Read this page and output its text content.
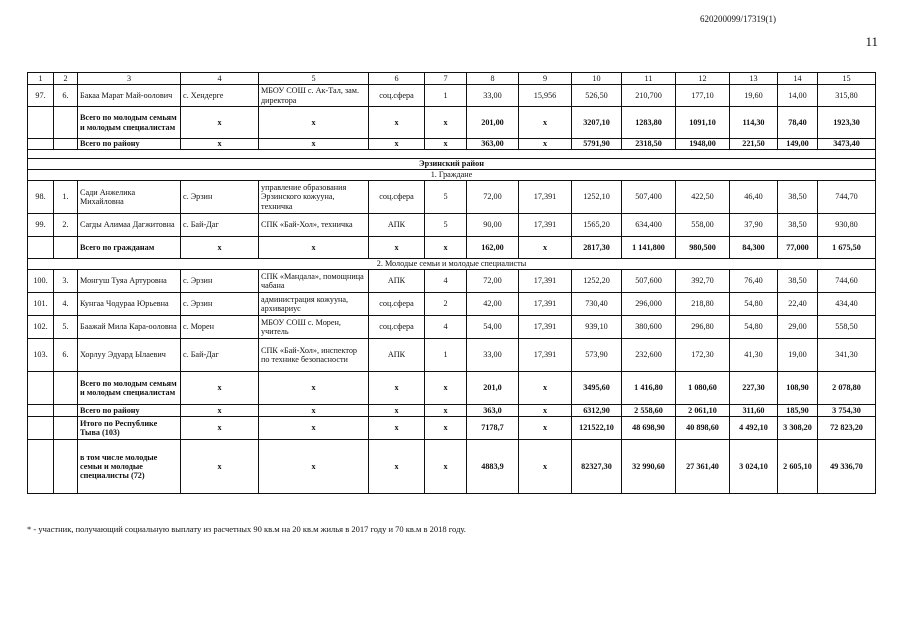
620200099/17319(1)
11
1	2	3	4	5	6	7	8	9	10	11	12	13	14	15
97.	6.	Бакаа Марат Май-оолович	с. Хендерге	МБОУ СОШ с. Ак-Тал, зам. директора	соц.сфера	1	33,00	15,956	526,50	210,700	177,10	19,60	14,00	315,80
		Всего по молодым семьям и молодым специалистам	х	х	х	х	201,00	х	3207,10	1283,80	1091,10	114,30	78,40	1923,30
		Всего по району	х	х	х	х	363,00	х	5791,90	2318,50	1948,00	221,50	149,00	3473,40

Эрзинский район														
1. Граждане														
98.	1.	Сади Анжелика Михайловна	с. Эрзин	управление образования Эрзинского кожууна, техничка	соц.сфера	5	72,00	17,391	1252,10	507,400	422,50	46,40	38,50	744,70
99.	2.	Сагды Алимаа Дагжитовна	с. Бай-Даг	СПК «Бай-Хол», техничка	АПК	5	90,00	17,391	1565,20	634,400	558,00	37,90	38,50	930,80
		Всего по гражданам	х	х	х	х	162,00	х	2817,30	1 141,800	980,500	84,300	77,000	1 675,50
2. Молодые семьи и молодые специалисты														
100.	3.	Монгуш Туяа Артуровна	с. Эрзин	СПК «Мандала», помощница чабана	АПК	4	72,00	17,391	1252,20	507,600	392,70	76,40	38,50	744,60
101.	4.	Кунгаа Чодураа Юрьевна	с. Эрзин	администрация кожууна, архивариус	соц.сфера	2	42,00	17,391	730,40	296,000	218,80	54,80	22,40	434,40
102.	5.	Баажай Мила Кара-ооловна	с. Морен	МБОУ СОШ с. Морен, учитель	соц.сфера	4	54,00	17,391	939,10	380,600	296,80	54,80	29,00	558,50
103.	6.	Хорлуу Эдуард Ылаевич	с. Бай-Даг	СПК «Бай-Хол», инспектор по технике безопасности	АПК	1	33,00	17,391	573,90	232,600	172,30	41,30	19,00	341,30
		Всего по молодым семьям и молодым специалистам	х	х	х	х	201,0	х	3495,60	1 416,80	1 080,60	227,30	108,90	2 078,80
		Всего по району	х	х	х	х	363,0	х	6312,90	2 558,60	2 061,10	311,60	185,90	3 754,30
		Итого по Республике Тыва (103)	х	х	х	х	7178,7	х	121522,10	48 698,90	40 898,60	4 492,10	3 308,20	72 823,20
		в том числе молодые семьи и молодые специалисты (72)	х	х	х	х	4883,9	х	82327,30	32 990,60	27 361,40	3 024,10	2 605,10	49 336,70
* - участник, получающий социальную выплату из расчетных 90 кв.м на 20 кв.м жилья в 2017 году и 70 кв.м в 2018 году.
